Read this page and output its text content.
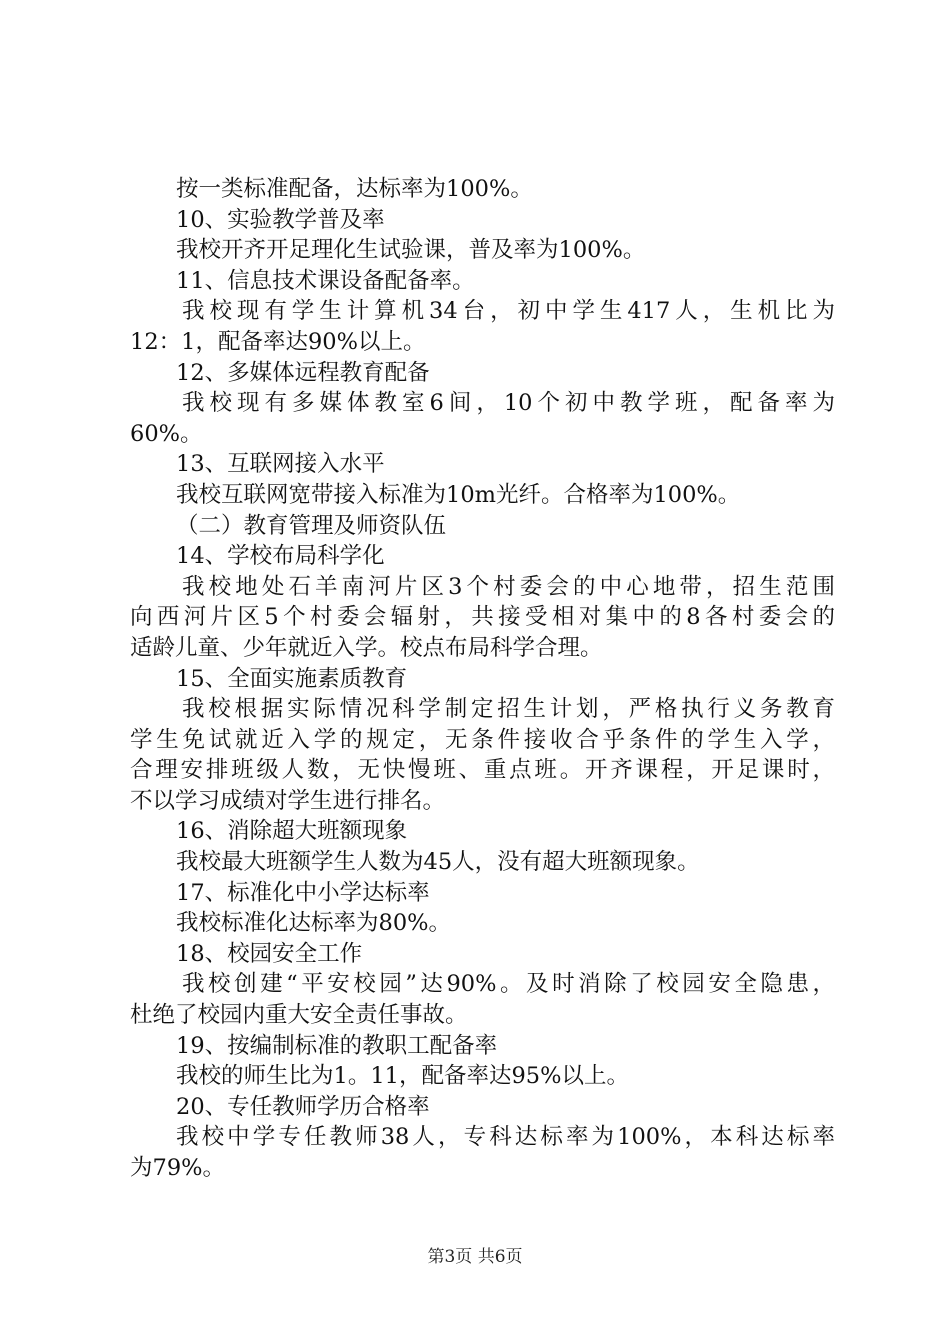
按一类标准配备，达标率为100%。
10、实验教学普及率
我校开齐开足理化生试验课，普及率为100%。
11、信息技术课设备配备率。
我校现有学生计算机34台，初中学生417人，生机比为
12：1，配备率达90%以上。
12、多媒体远程教育配备
我校现有多媒体教室6间，10个初中教学班，配备率为
60%。
13、互联网接入水平
我校互联网宽带接入标准为10m光纤。合格率为100%。
（二）教育管理及师资队伍
14、学校布局科学化
我校地处石羊南河片区3个村委会的中心地带，招生范围
向西河片区5个村委会辐射，共接受相对集中的8各村委会的
适龄儿童、少年就近入学。校点布局科学合理。
15、全面实施素质教育
我校根据实际情况科学制定招生计划，严格执行义务教育
学生免试就近入学的规定，无条件接收合乎条件的学生入学，
合理安排班级人数，无快慢班、重点班。开齐课程，开足课时，
不以学习成绩对学生进行排名。
16、消除超大班额现象
我校最大班额学生人数为45人，没有超大班额现象。
17、标准化中小学达标率
我校标准化达标率为80%。
18、校园安全工作
我校创建“平安校园”达90%。及时消除了校园安全隐患，
杜绝了校园内重大安全责任事故。
19、按编制标准的教职工配备率
我校的师生比为1。11，配备率达95%以上。
20、专任教师学历合格率
我校中学专任教师38人，专科达标率为100%，本科达标率
为79%。
第3页 共6页
